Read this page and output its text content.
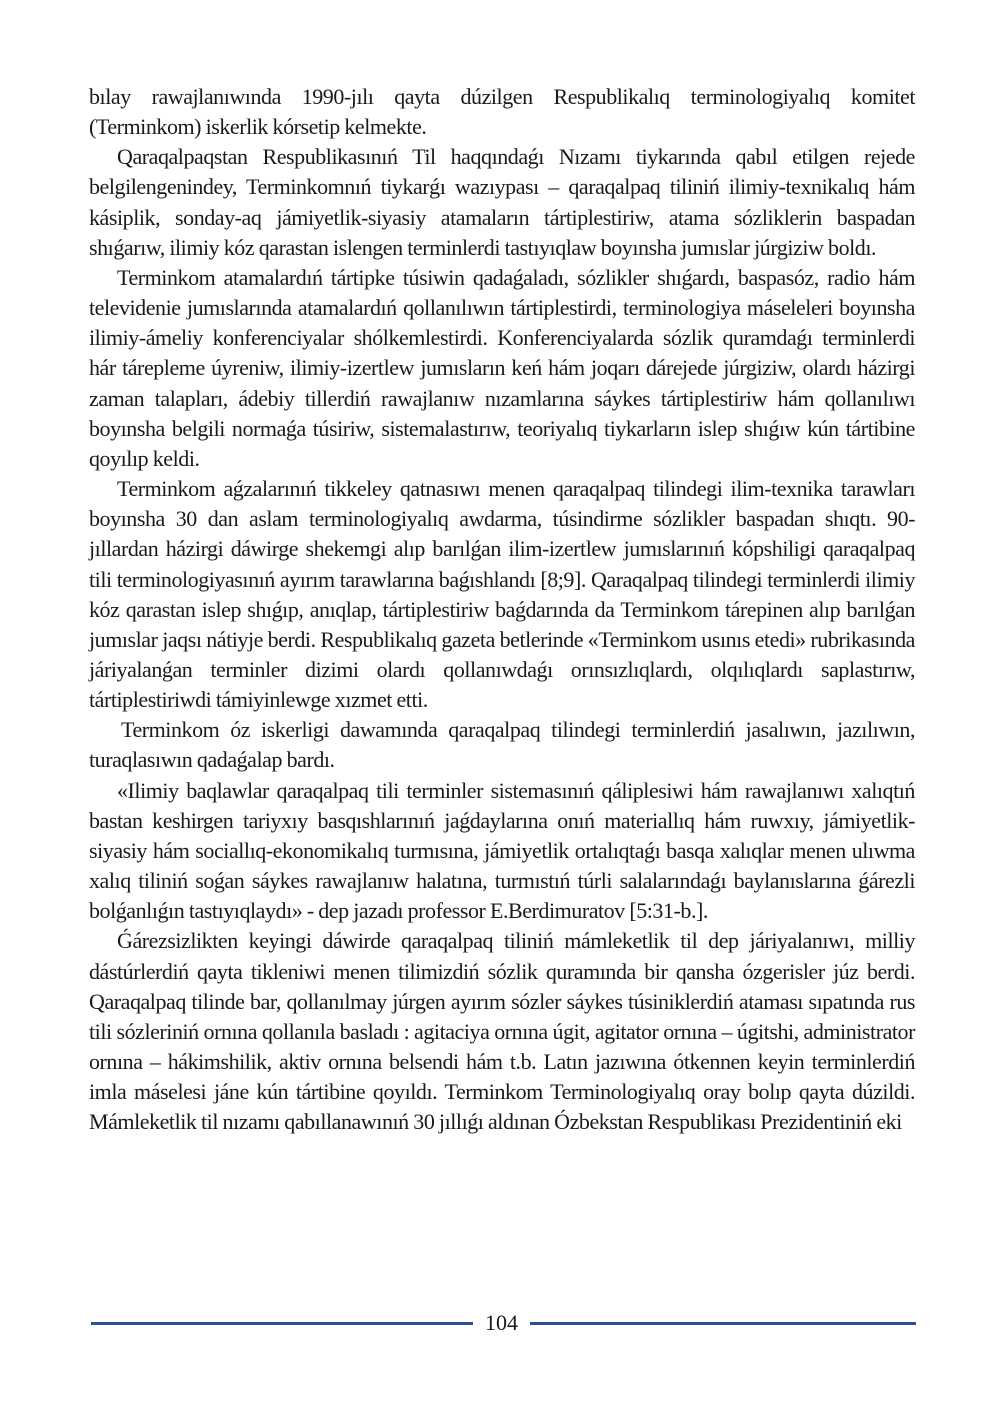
bılay rawajlanıwında 1990-jılı qayta dúzilgen Respublikalıq terminologiyalıq komitet (Terminkom) iskerlik kórsetip kelmekte.

Qaraqalpaqstan Respublikasınıń Til haqqındaǵı Nızamı tiykarında qabıl etilgen rejede belgilengenindey, Terminkomnıń tiykarǵı wazıypası – qaraqalpaq tiliniń ilimiy-texnikalıq hám kásiplik, sonday-aq jámiyetlik-siyasiy atamaların tártiplestiriw, atama sózliklerin baspadan shıǵarıw, ilimiy kóz qarastan islengen terminlerdi tastıyıqlaw boyınsha jumıslar júrgiziw boldı.

Terminkom atamalardıń tártipke túsiwin qadaǵaladı, sózlikler shıǵardı, baspasóz, radio hám televidenie jumıslarında atamalardıń qollanılıwın tártiplestirdi, terminologiya máseleleri boyınsha ilimiy-ámeliy konferenciyalar shólkemlestirdi. Konferenciyalarda sózlik quramdaǵı terminlerdi hár tárepleme úyreniw, ilimiy-izertlew jumısların keń hám joqarı dárejede júrgiziw, olardı házirgi zaman talapları, ádebiy tillerdiń rawajlanıw nızamlarına sáykes tártiplestiriw hám qollanılıwı boyınsha belgili normaǵa túsiriw, sistemalastırıw, teoriyalıq tiykarların islep shıǵıw kún tártibine qoyılıp keldi.

Terminkom aǵzalarınıń tikkeley qatnasıwı menen qaraqalpaq tilindegi ilim-texnika tarawları boyınsha 30 dan aslam terminologiyalıq awdarma, túsindirme sózlikler baspadan shıqtı. 90-jıllardan házirgi dáwirge shekemgi alıp barılǵan ilim-izertlew jumıslarınıń kópshiligi qaraqalpaq tili terminologiyasınıń ayırım tarawlarına baǵıshlandı [8;9]. Qaraqalpaq tilindegi terminlerdi ilimiy kóz qarastan islep shıǵıp, anıqlap, tártiplestiriw baǵdarında da Terminkom tárepinen alıp barılǵan jumıslar jaqsı nátiyje berdi. Respublikalıq gazeta betlerinde «Terminkom usınıs etedi» rubrikasında járiyalanǵan terminler dizimi olardı qollanıwdaǵı orınsızlıqlardı, olqılıqlardı saplastırıw, tártiplestiriwdi támiyinlewge xızmet etti.

Terminkom óz iskerligi dawamında qaraqalpaq tilindegi terminlerdiń jasalıwın, jazılıwın, turaqlasıwın qadaǵalap bardı.

«Ilimiy baqlawlar qaraqalpaq tili terminler sistemasınıń qáliplesiwi hám rawajlanıwı xalıqtıń bastan keshirgen tariyxıy basqıshlarınıń jaǵdaylarına onıń materiallıq hám ruwxıy, jámiyetlik-siyasiy hám sociallıq-ekonomikalıq turmısına, jámiyetlik ortalıqtaǵı basqa xalıqlar menen ulıwma xalıq tiliniń soǵan sáykes rawajlanıw halatına, turmıstıń túrli salalarındaǵı baylanıslarına ǵárezli bolǵanlıǵın tastıyıqlaydı» - dep jazadı professor E.Berdimuratov [5:31-b.].

Ǵárezsizlikten keyingi dáwirde qaraqalpaq tiliniń mámleketlik til dep járiyalanıwı, milliy dástúrlerdiń qayta tikleniwi menen tilimizdiń sózlik quramında bir qansha ózgerisler júz berdi. Qaraqalpaq tilinde bar, qollanılmay júrgen ayırım sózler sáykes túsiniklerdiń ataması sıpatında rus tili sózleriniń ornına qollanıla basladı : agitaciya ornına úgit, agitator ornına – úgitshi, administrator ornına – hákimshilik, aktiv ornına belsendi hám t.b. Latın jazıwına ótkennen keyin terminlerdiń imla máselesi jáne kún tártibine qoyıldı. Terminkom Terminologiyalıq oray bolıp qayta dúzildi. Mámleketlik til nızamı qabıllanawınıń 30 jıllıǵı aldınan Ózbekstan Respublikası Prezidentiniń eki

104
